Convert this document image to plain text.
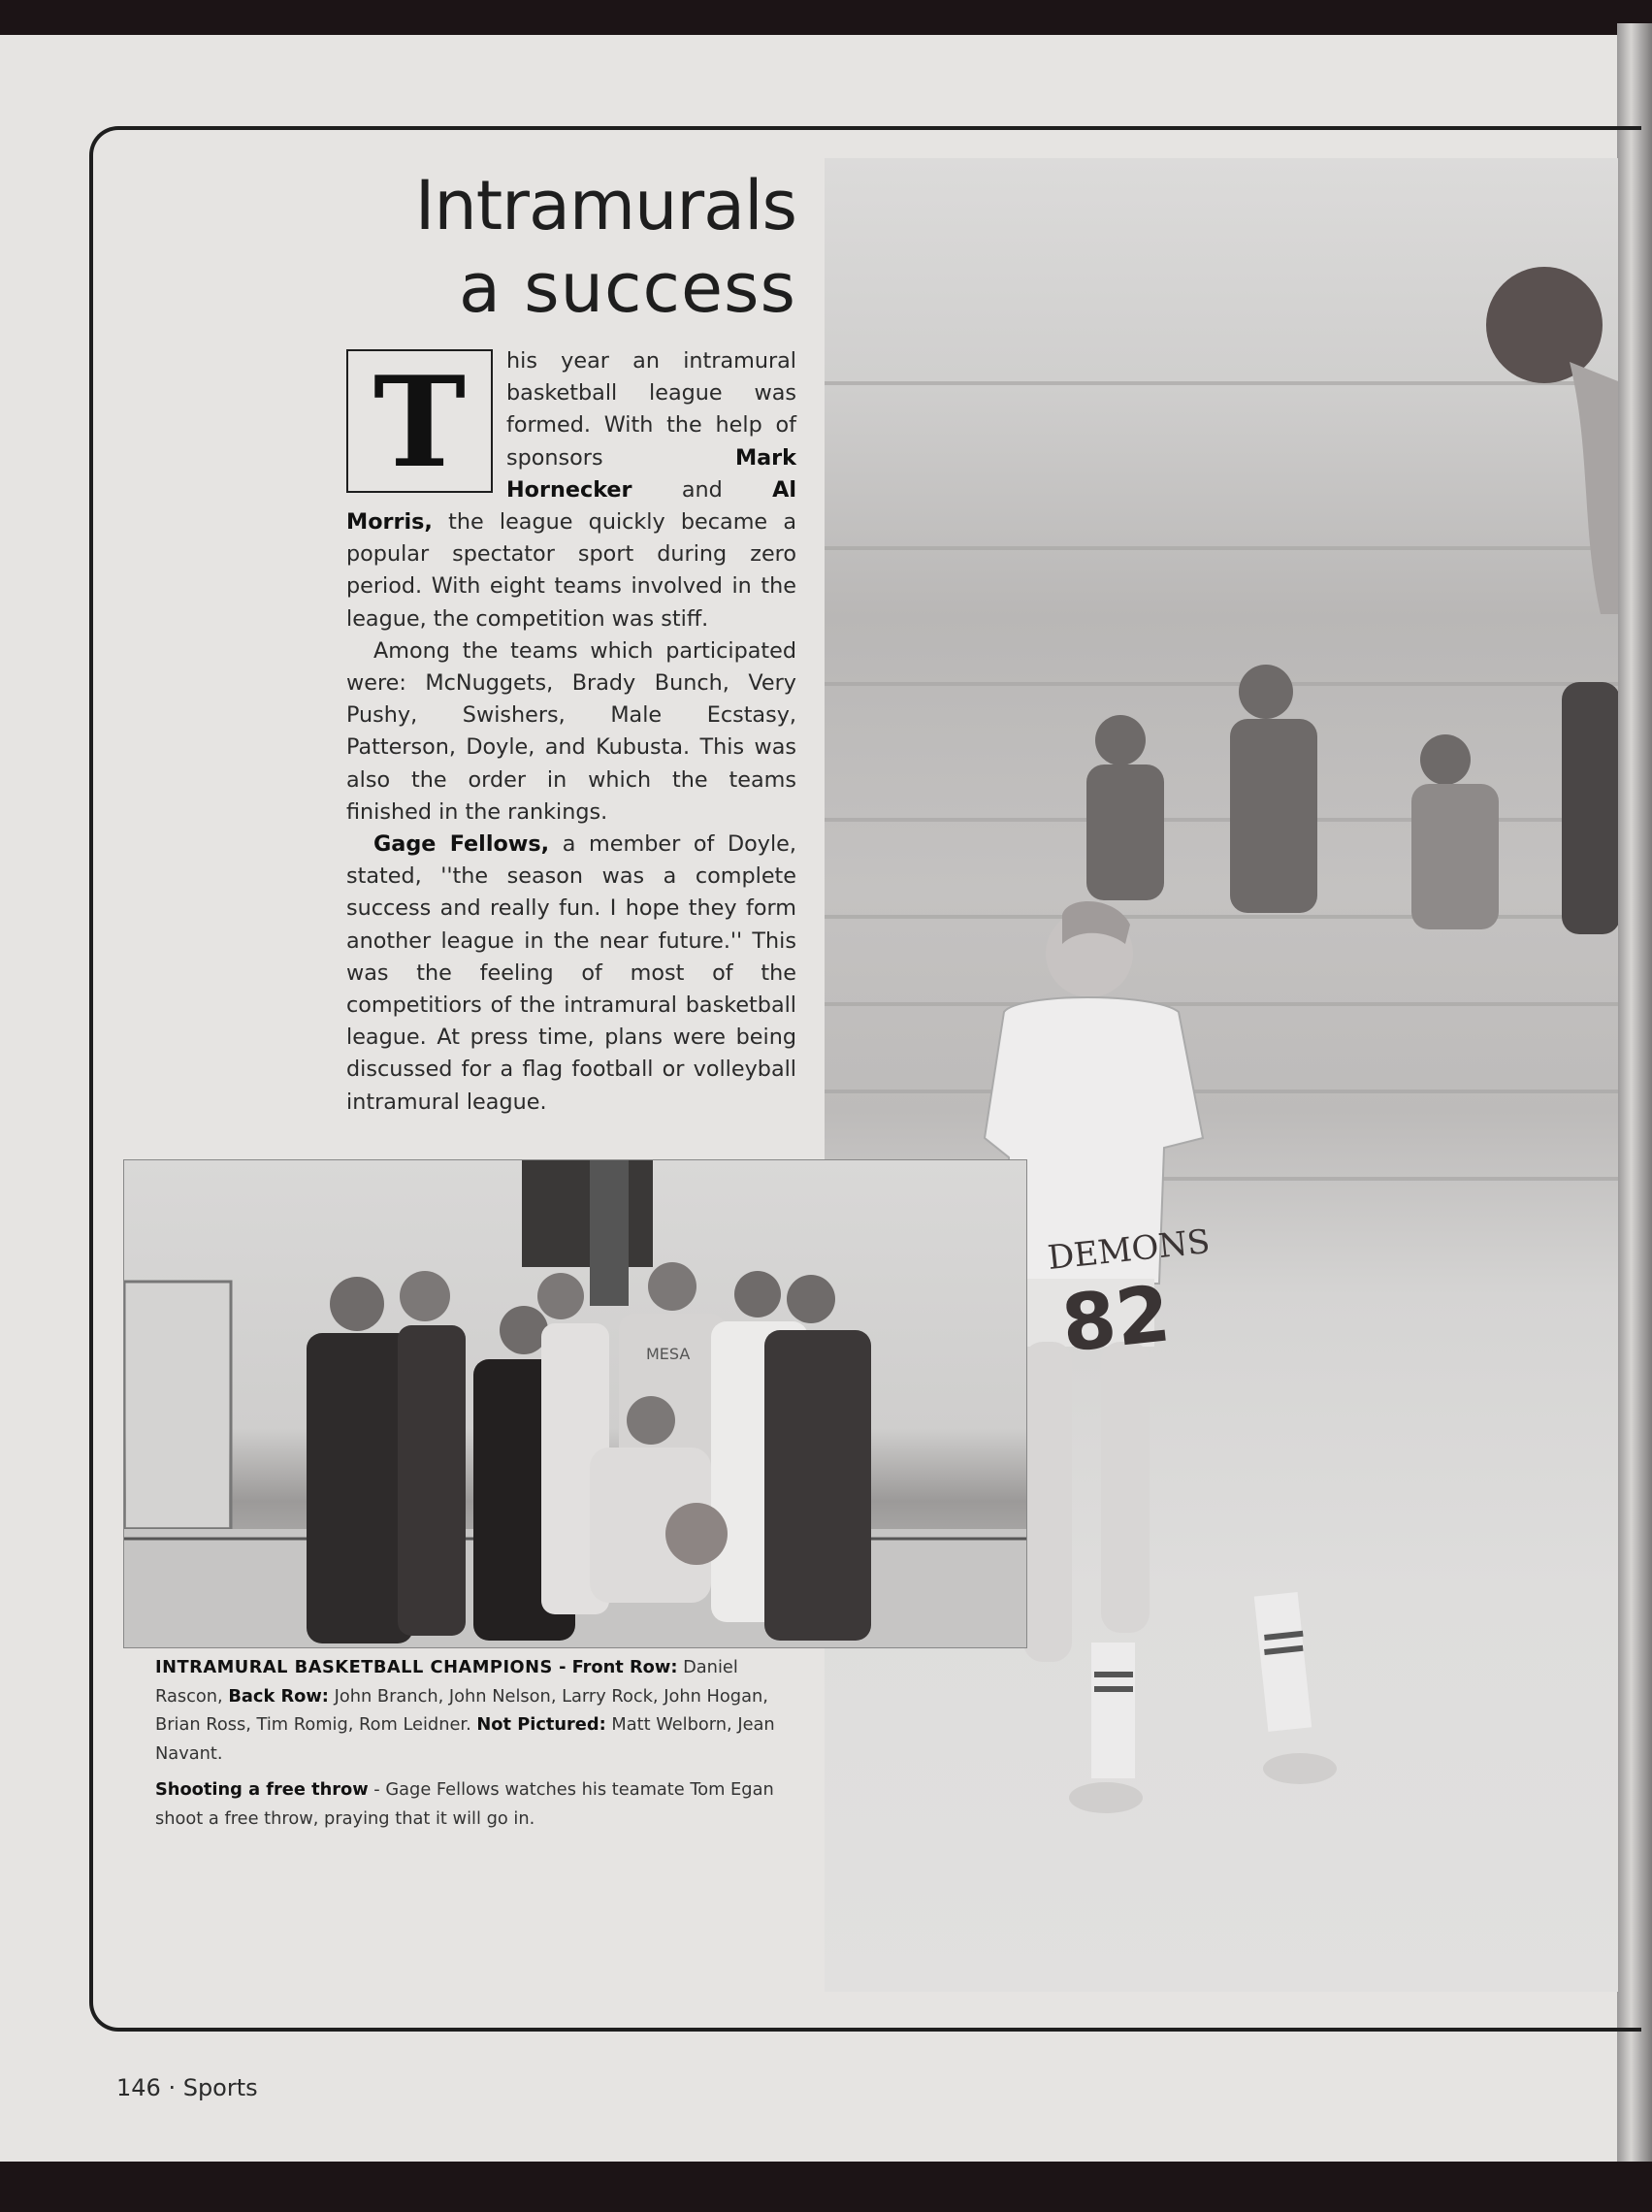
DEMONS
82
Intramurals
a success
T	his year an intramural basketball league was formed. With the help of sponsors Mark Hornecker and Al Morris, the league quickly became a popular spectator sport during zero period. With eight teams involved in the league, the competition was stiff.

Among the teams which participated were: McNuggets, Brady Bunch, Very Pushy, Swishers, Male Ecstasy, Patterson, Doyle, and Kubusta. This was also the order in which the teams finished in the rankings.

Gage Fellows, a member of Doyle, stated, ''the season was a complete success and really fun. I hope they form another league in the near future.'' This was the feeling of most of the competitiors of the intramural basketball league. At press time, plans were being discussed for a flag football or volleyball intramural league.

MESA

INTRAMURAL BASKETBALL CHAMPIONS - Front Row: Daniel Rascon, Back Row: John Branch, John Nelson, Larry Rock, John Hogan, Brian Ross, Tim Romig, Rom Leidner. Not Pictured: Matt Welborn, Jean Navant.

Shooting a free throw - Gage Fellows watches his teamate Tom Egan shoot a free throw, praying that it will go in.

146 · Sports
